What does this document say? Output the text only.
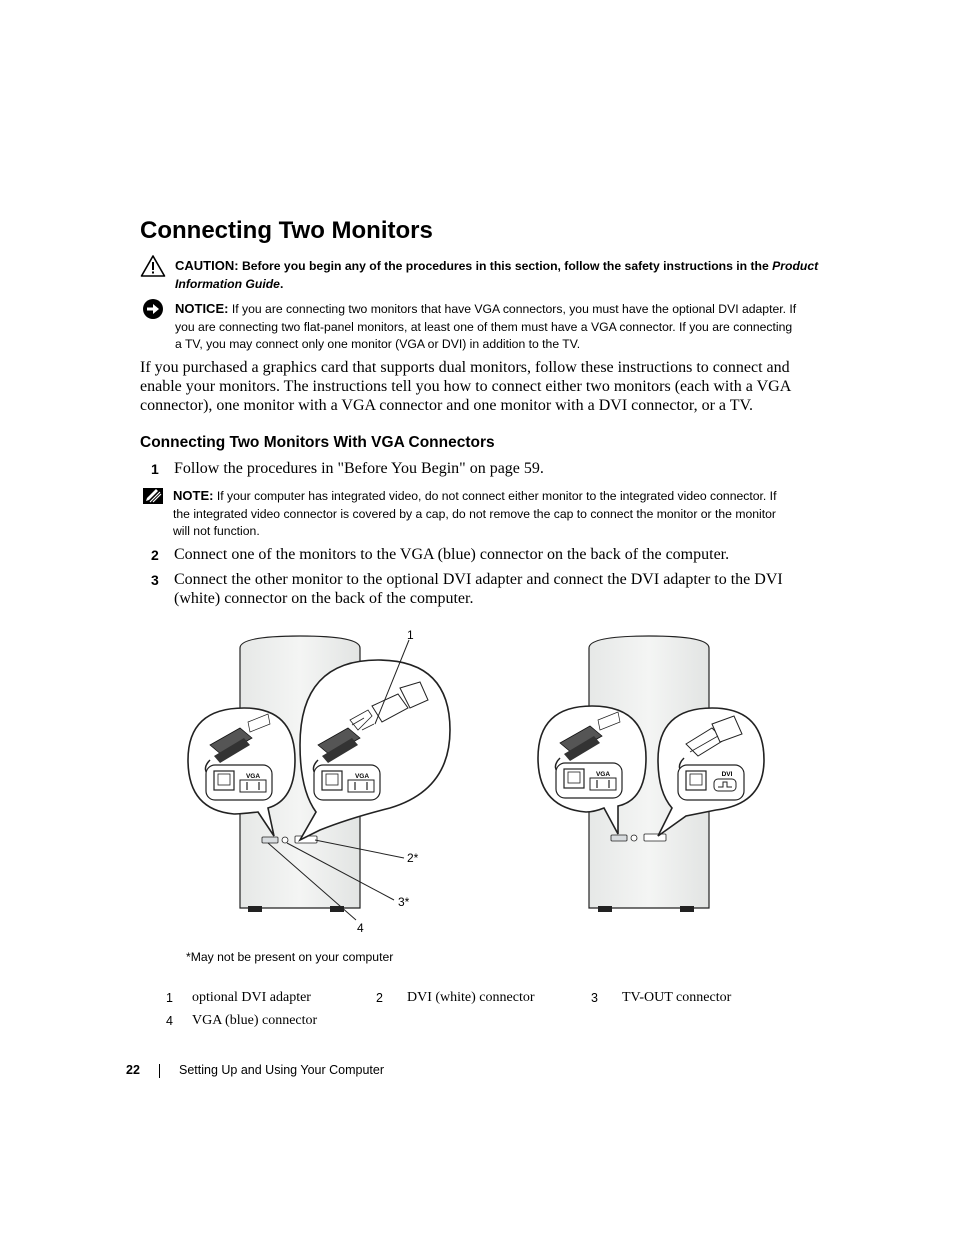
Connecting Two Monitors
CAUTION: Before you begin any of the procedures in this section, follow the safety instructions in the Product Information Guide.
NOTICE: If you are connecting two monitors that have VGA connectors, you must have the optional DVI adapter. If
you are connecting two flat-panel monitors, at least one of them must have a VGA connector. If you are connecting
a TV, you may connect only one monitor (VGA or DVI) in addition to the TV.
If you purchased a graphics card that supports dual monitors, follow these instructions to connect and
enable your monitors. The instructions tell you how to connect either two monitors (each with a VGA
connector), one monitor with a VGA connector and one monitor with a DVI connector, or a TV.
Connecting Two Monitors With VGA Connectors
1 Follow the procedures in "Before You Begin" on page 59.
NOTE: If your computer has integrated video, do not connect either monitor to the integrated video connector. If
the integrated video connector is covered by a cap, do not remove the cap to connect the monitor or the monitor
will not function.
2 Connect one of the monitors to the VGA (blue) connector on the back of the computer.
3 Connect the other monitor to the optional DVI adapter and connect the DVI adapter to the DVI
(white) connector on the back of the computer.
VGA	VGA	VGA	DVI
1
2*
3*
4
*May not be present on your computer
1 optional DVI adapter	2 DVI (white) connector	3 TV-OUT connector
4 VGA (blue) connector
22	Setting Up and Using Your Computer
